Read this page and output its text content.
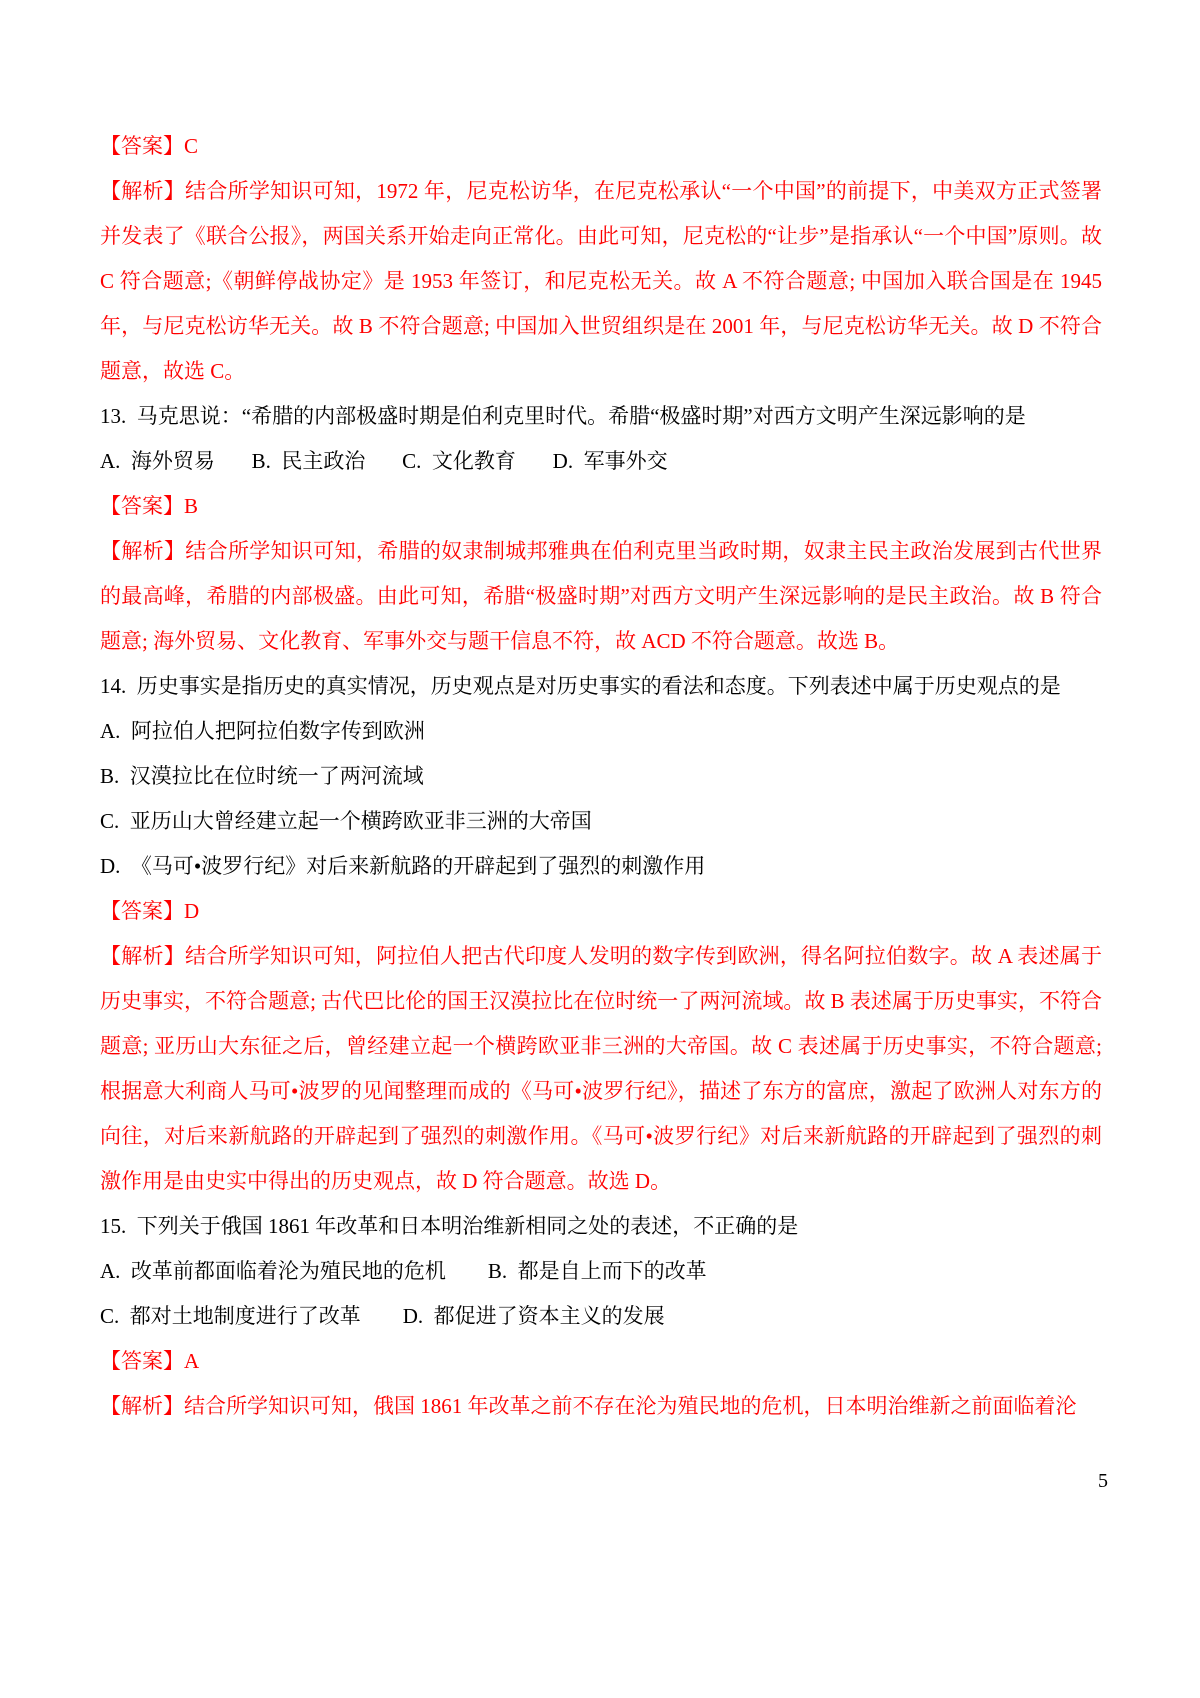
【答案】C

【解析】结合所学知识可知，1972 年，尼克松访华，在尼克松承认“一个中国”的前提下，中美双方正式签署并发表了《联合公报》，两国关系开始走向正常化。由此可知，尼克松的“让步”是指承认“一个中国”原则。故 C 符合题意;《朝鲜停战协定》是 1953 年签订，和尼克松无关。故 A 不符合题意; 中国加入联合国是在 1945 年，与尼克松访华无关。故 B 不符合题意; 中国加入世贸组织是在 2001 年，与尼克松访华无关。故 D 不符合题意，故选 C。

13.  马克思说：“希腊的内部极盛时期是伯利克里时代。希腊“极盛时期”对西方文明产生深远影响的是

A.  海外贸易       B.  民主政治       C.  文化教育       D.  军事外交

【答案】B

【解析】结合所学知识可知，希腊的奴隶制城邦雅典在伯利克里当政时期，奴隶主民主政治发展到古代世界的最高峰，希腊的内部极盛。由此可知，希腊“极盛时期”对西方文明产生深远影响的是民主政治。故 B 符合题意; 海外贸易、文化教育、军事外交与题干信息不符，故 ACD 不符合题意。故选 B。

14.  历史事实是指历史的真实情况，历史观点是对历史事实的看法和态度。下列表述中属于历史观点的是

A.  阿拉伯人把阿拉伯数字传到欧洲

B.  汉漠拉比在位时统一了两河流域

C.  亚历山大曾经建立起一个横跨欧亚非三洲的大帝国

D.  《马可•波罗行纪》对后来新航路的开辟起到了强烈的刺激作用

【答案】D

【解析】结合所学知识可知，阿拉伯人把古代印度人发明的数字传到欧洲，得名阿拉伯数字。故 A 表述属于历史事实，不符合题意; 古代巴比伦的国王汉漠拉比在位时统一了两河流域。故 B 表述属于历史事实，不符合题意; 亚历山大东征之后，曾经建立起一个横跨欧亚非三洲的大帝国。故 C 表述属于历史事实，不符合题意; 根据意大利商人马可•波罗的见闻整理而成的《马可•波罗行纪》，描述了东方的富庶，激起了欧洲人对东方的向往，对后来新航路的开辟起到了强烈的刺激作用。《马可•波罗行纪》对后来新航路的开辟起到了强烈的刺激作用是由史实中得出的历史观点，故 D 符合题意。故选 D。

15.  下列关于俄国 1861 年改革和日本明治维新相同之处的表述，不正确的是

A.  改革前都面临着沦为殖民地的危机        B.  都是自上而下的改革

C.  都对土地制度进行了改革        D.  都促进了资本主义的发展

【答案】A

【解析】结合所学知识可知，俄国 1861 年改革之前不存在沦为殖民地的危机，日本明治维新之前面临着沦

5
